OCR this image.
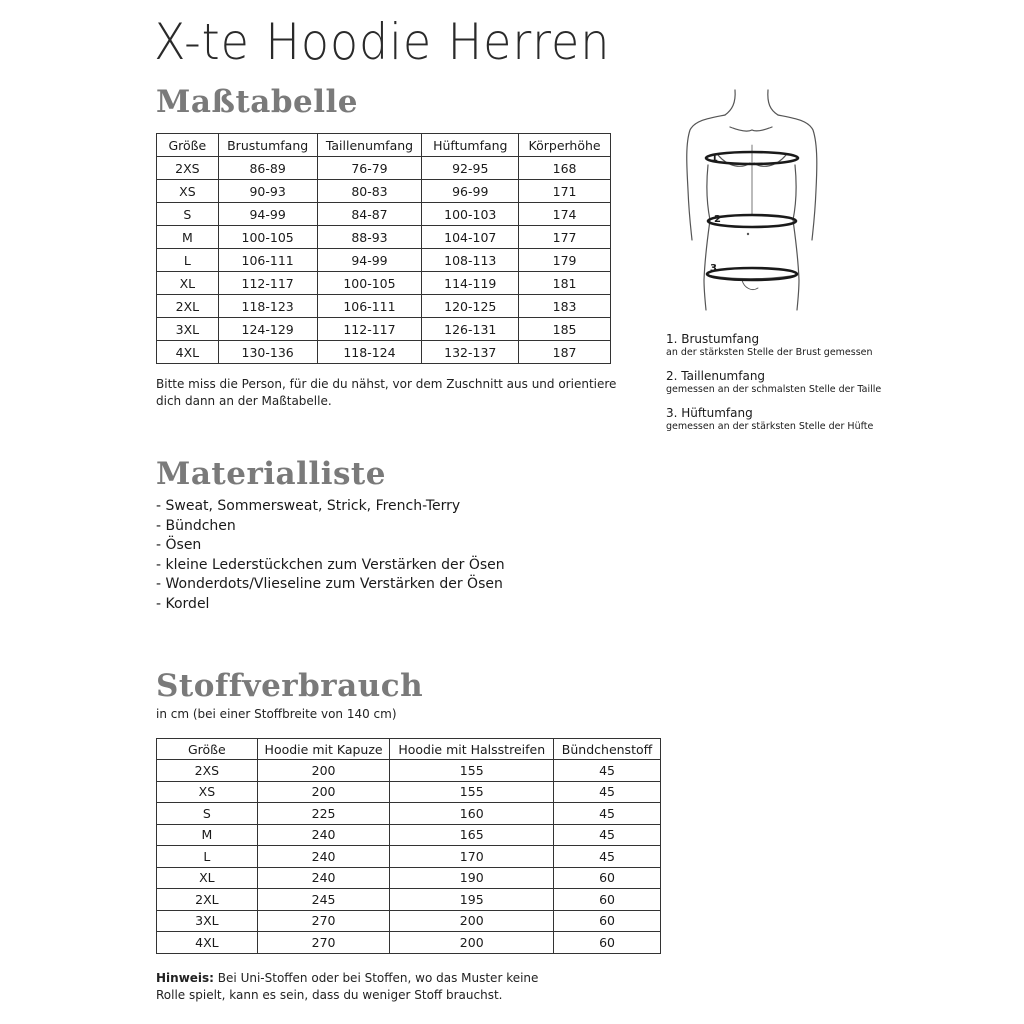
X-te Hoodie Herren
Maßtabelle
Größe	Brustumfang	Taillenumfang	Hüftumfang	Körperhöhe
2XS	86-89	76-79	92-95	168
XS	90-93	80-83	96-99	171
S	94-99	84-87	100-103	174
M	100-105	88-93	104-107	177
L	106-111	94-99	108-113	179
XL	112-117	100-105	114-119	181
2XL	118-123	106-111	120-125	183
3XL	124-129	112-117	126-131	185
4XL	130-136	118-124	132-137	187
Bitte miss die Person, für die du nähst, vor dem Zuschnitt aus und orientiere dich dann an der Maßtabelle.
1
2
3
1. Brustumfang
an der stärksten Stelle der Brust gemessen
2. Taillenumfang
gemessen an der schmalsten Stelle der Taille
3. Hüftumfang
gemessen an der stärksten Stelle der Hüfte
Materialliste
- Sweat, Sommersweat, Strick, French-Terry
- Bündchen
- Ösen
- kleine Lederstückchen zum Verstärken der Ösen
- Wonderdots/Vlieseline zum Verstärken der Ösen
- Kordel
Stoffverbrauch
in cm (bei einer Stoffbreite von 140 cm)
Größe	Hoodie mit Kapuze	Hoodie mit Halsstreifen	Bündchenstoff
2XS	200	155	45
XS	200	155	45
S	225	160	45
M	240	165	45
L	240	170	45
XL	240	190	60
2XL	245	195	60
3XL	270	200	60
4XL	270	200	60
Hinweis: Bei Uni-Stoffen oder bei Stoffen, wo das Muster keine Rolle spielt, kann es sein, dass du weniger Stoff brauchst.
